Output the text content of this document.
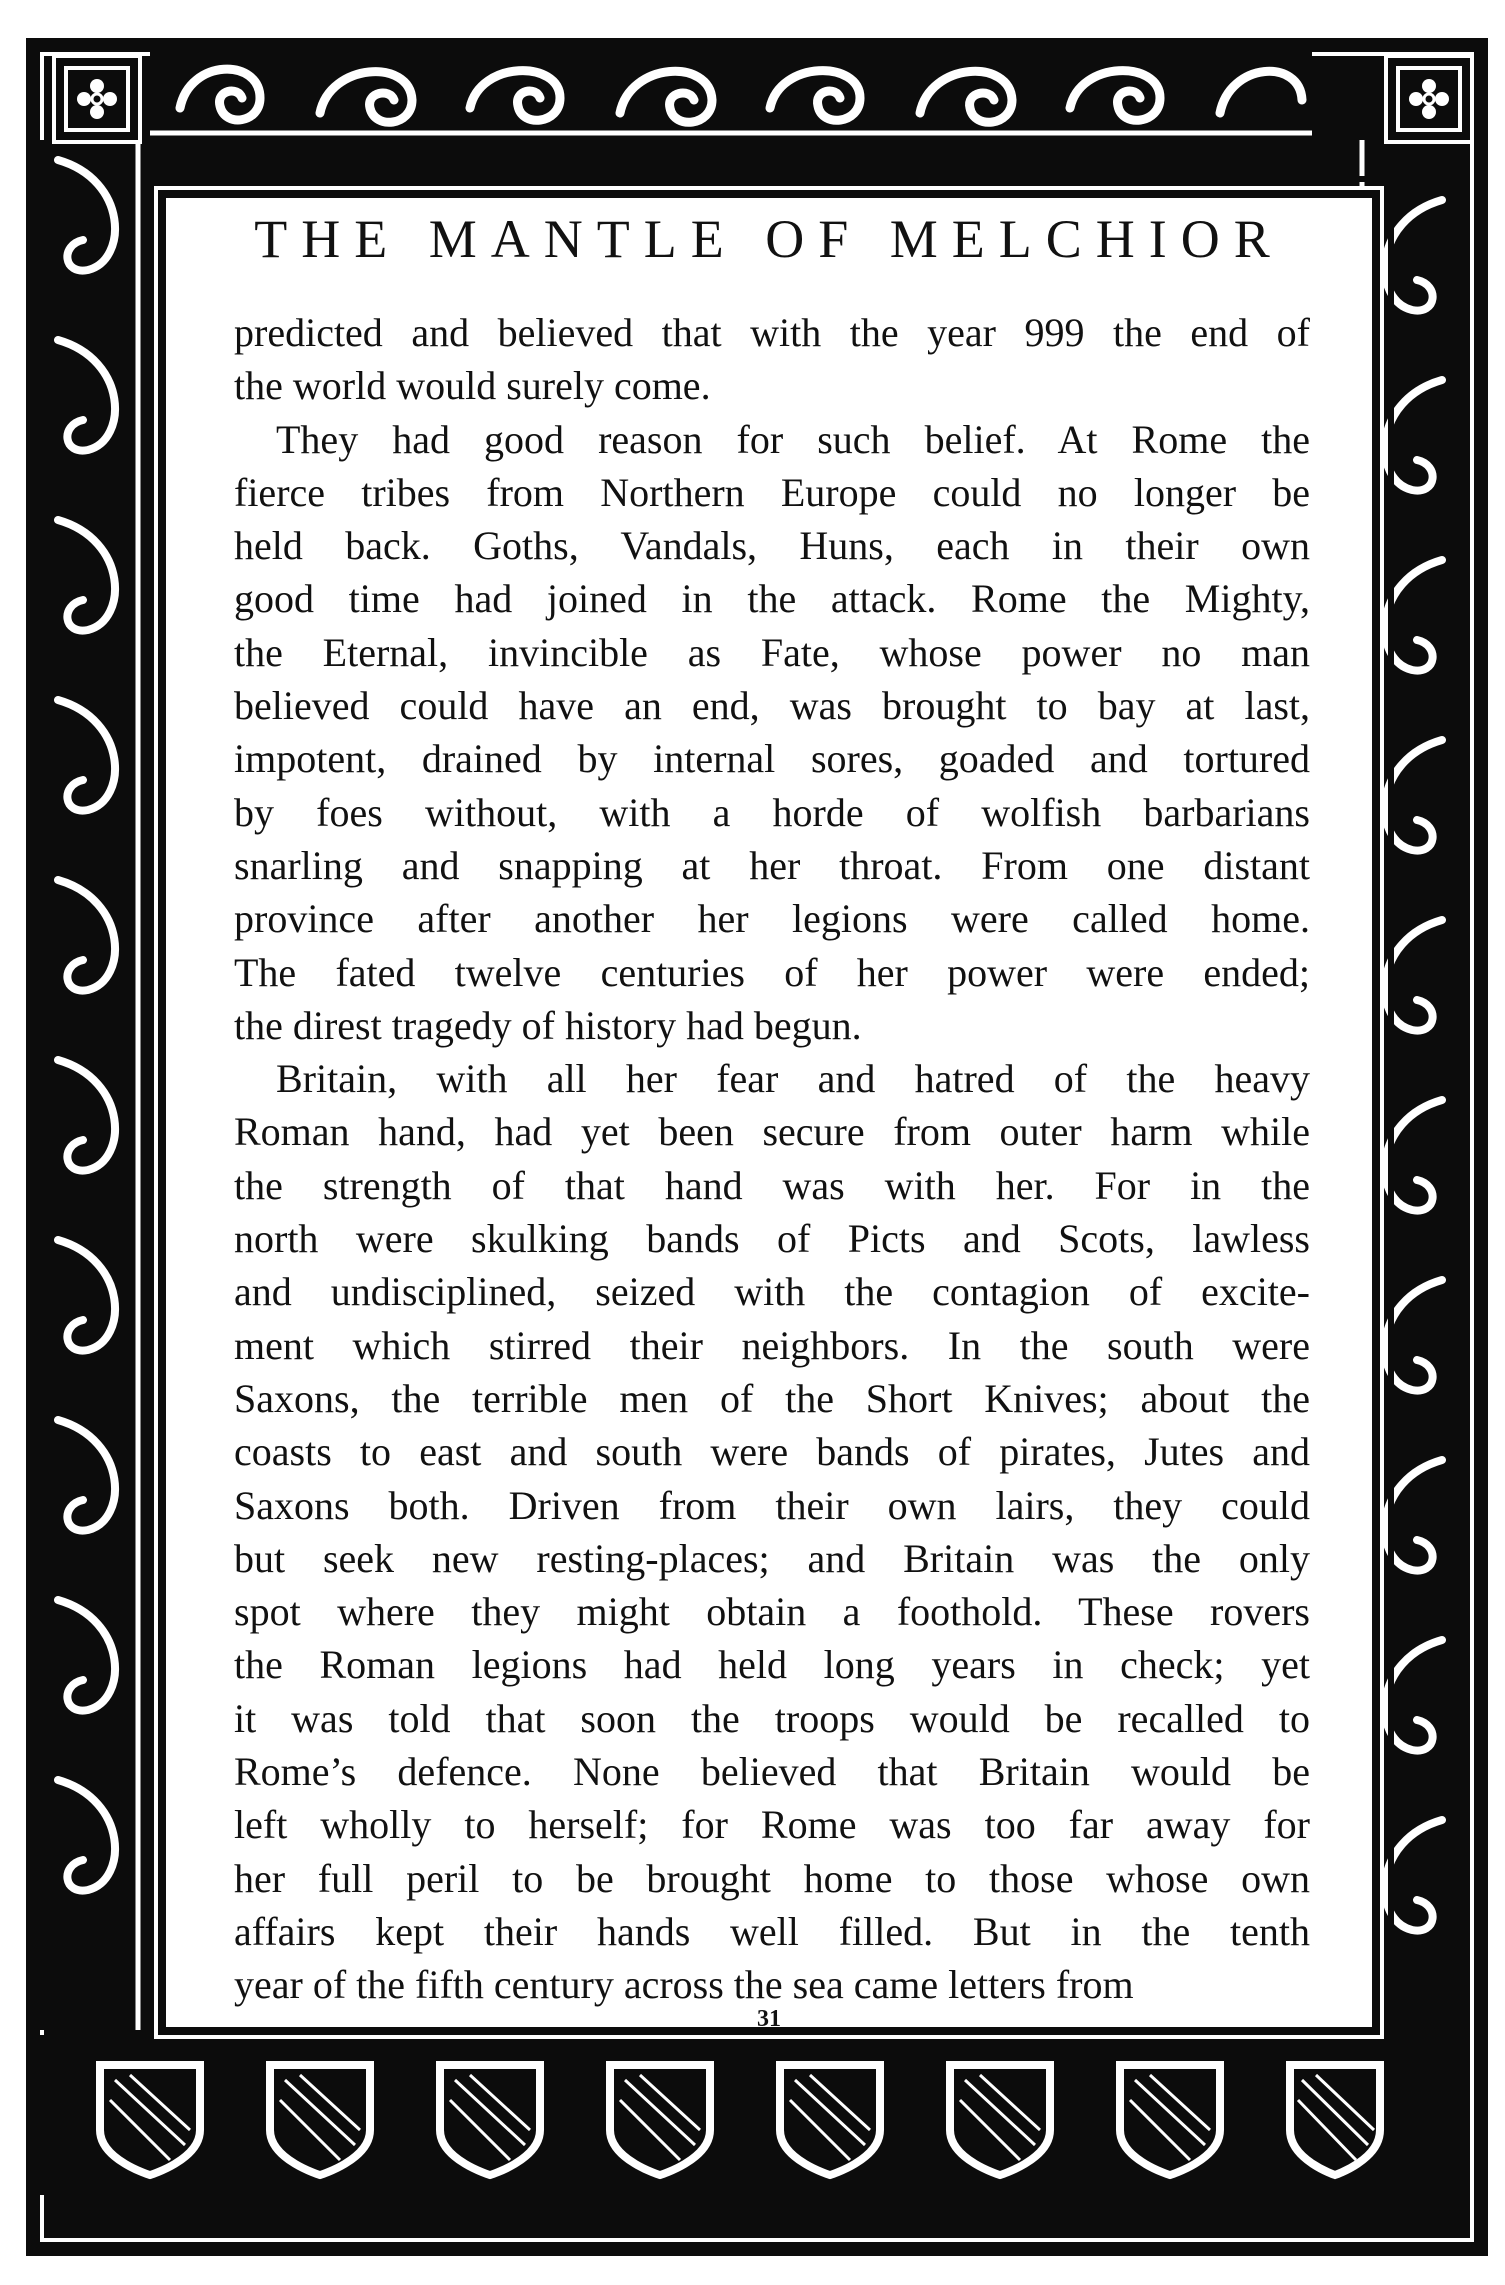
THE MANTLE OF MELCHIOR
predicted and believed that with the year 999 the end of
the world would surely come.
They had good reason for such belief. At Rome the
fierce tribes from Northern Europe could no longer be
held back. Goths, Vandals, Huns, each in their own
good time had joined in the attack. Rome the Mighty,
the Eternal, invincible as Fate, whose power no man
believed could have an end, was brought to bay at last,
impotent, drained by internal sores, goaded and tortured
by foes without, with a horde of wolfish barbarians
snarling and snapping at her throat. From one distant
province after another her legions were called home.
The fated twelve centuries of her power were ended;
the direst tragedy of history had begun.
Britain, with all her fear and hatred of the heavy
Roman hand, had yet been secure from outer harm while
the strength of that hand was with her. For in the
north were skulking bands of Picts and Scots, lawless
and undisciplined, seized with the contagion of excite-
ment which stirred their neighbors. In the south were
Saxons, the terrible men of the Short Knives; about the
coasts to east and south were bands of pirates, Jutes and
Saxons both. Driven from their own lairs, they could
but seek new resting-places; and Britain was the only
spot where they might obtain a foothold. These rovers
the Roman legions had held long years in check; yet
it was told that soon the troops would be recalled to
Rome’s defence. None believed that Britain would be
left wholly to herself; for Rome was too far away for
her full peril to be brought home to those whose own
affairs kept their hands well filled. But in the tenth
year of the fifth century across the sea came letters from
31
